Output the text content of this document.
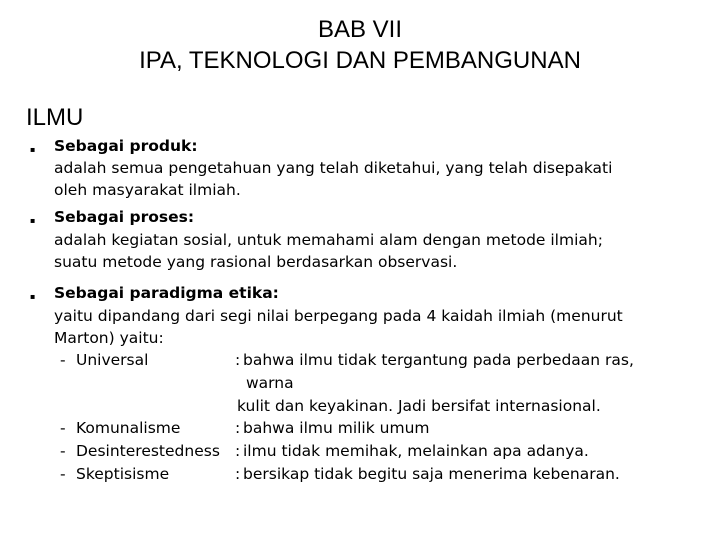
BAB VII
IPA, TEKNOLOGI DAN PEMBANGUNAN
ILMU
▪ Sebagai produk:
adalah semua pengetahuan yang telah diketahui, yang telah disepakati
oleh masyarakat ilmiah.
▪ Sebagai proses:
adalah kegiatan sosial, untuk memahami alam dengan metode ilmiah;
suatu metode yang rasional berdasarkan observasi.
▪ Sebagai paradigma etika:
yaitu dipandang dari segi nilai berpegang pada 4 kaidah ilmiah (menurut
Marton) yaitu:
- Universal	: bahwa ilmu tidak tergantung pada perbedaan ras,
warna
kulit dan keyakinan. Jadi bersifat internasional.
- Komunalisme	: bahwa ilmu milik umum
- Desinterestedness : ilmu tidak memihak, melainkan apa adanya.
- Skeptisisme	: bersikap tidak begitu saja menerima kebenaran.
